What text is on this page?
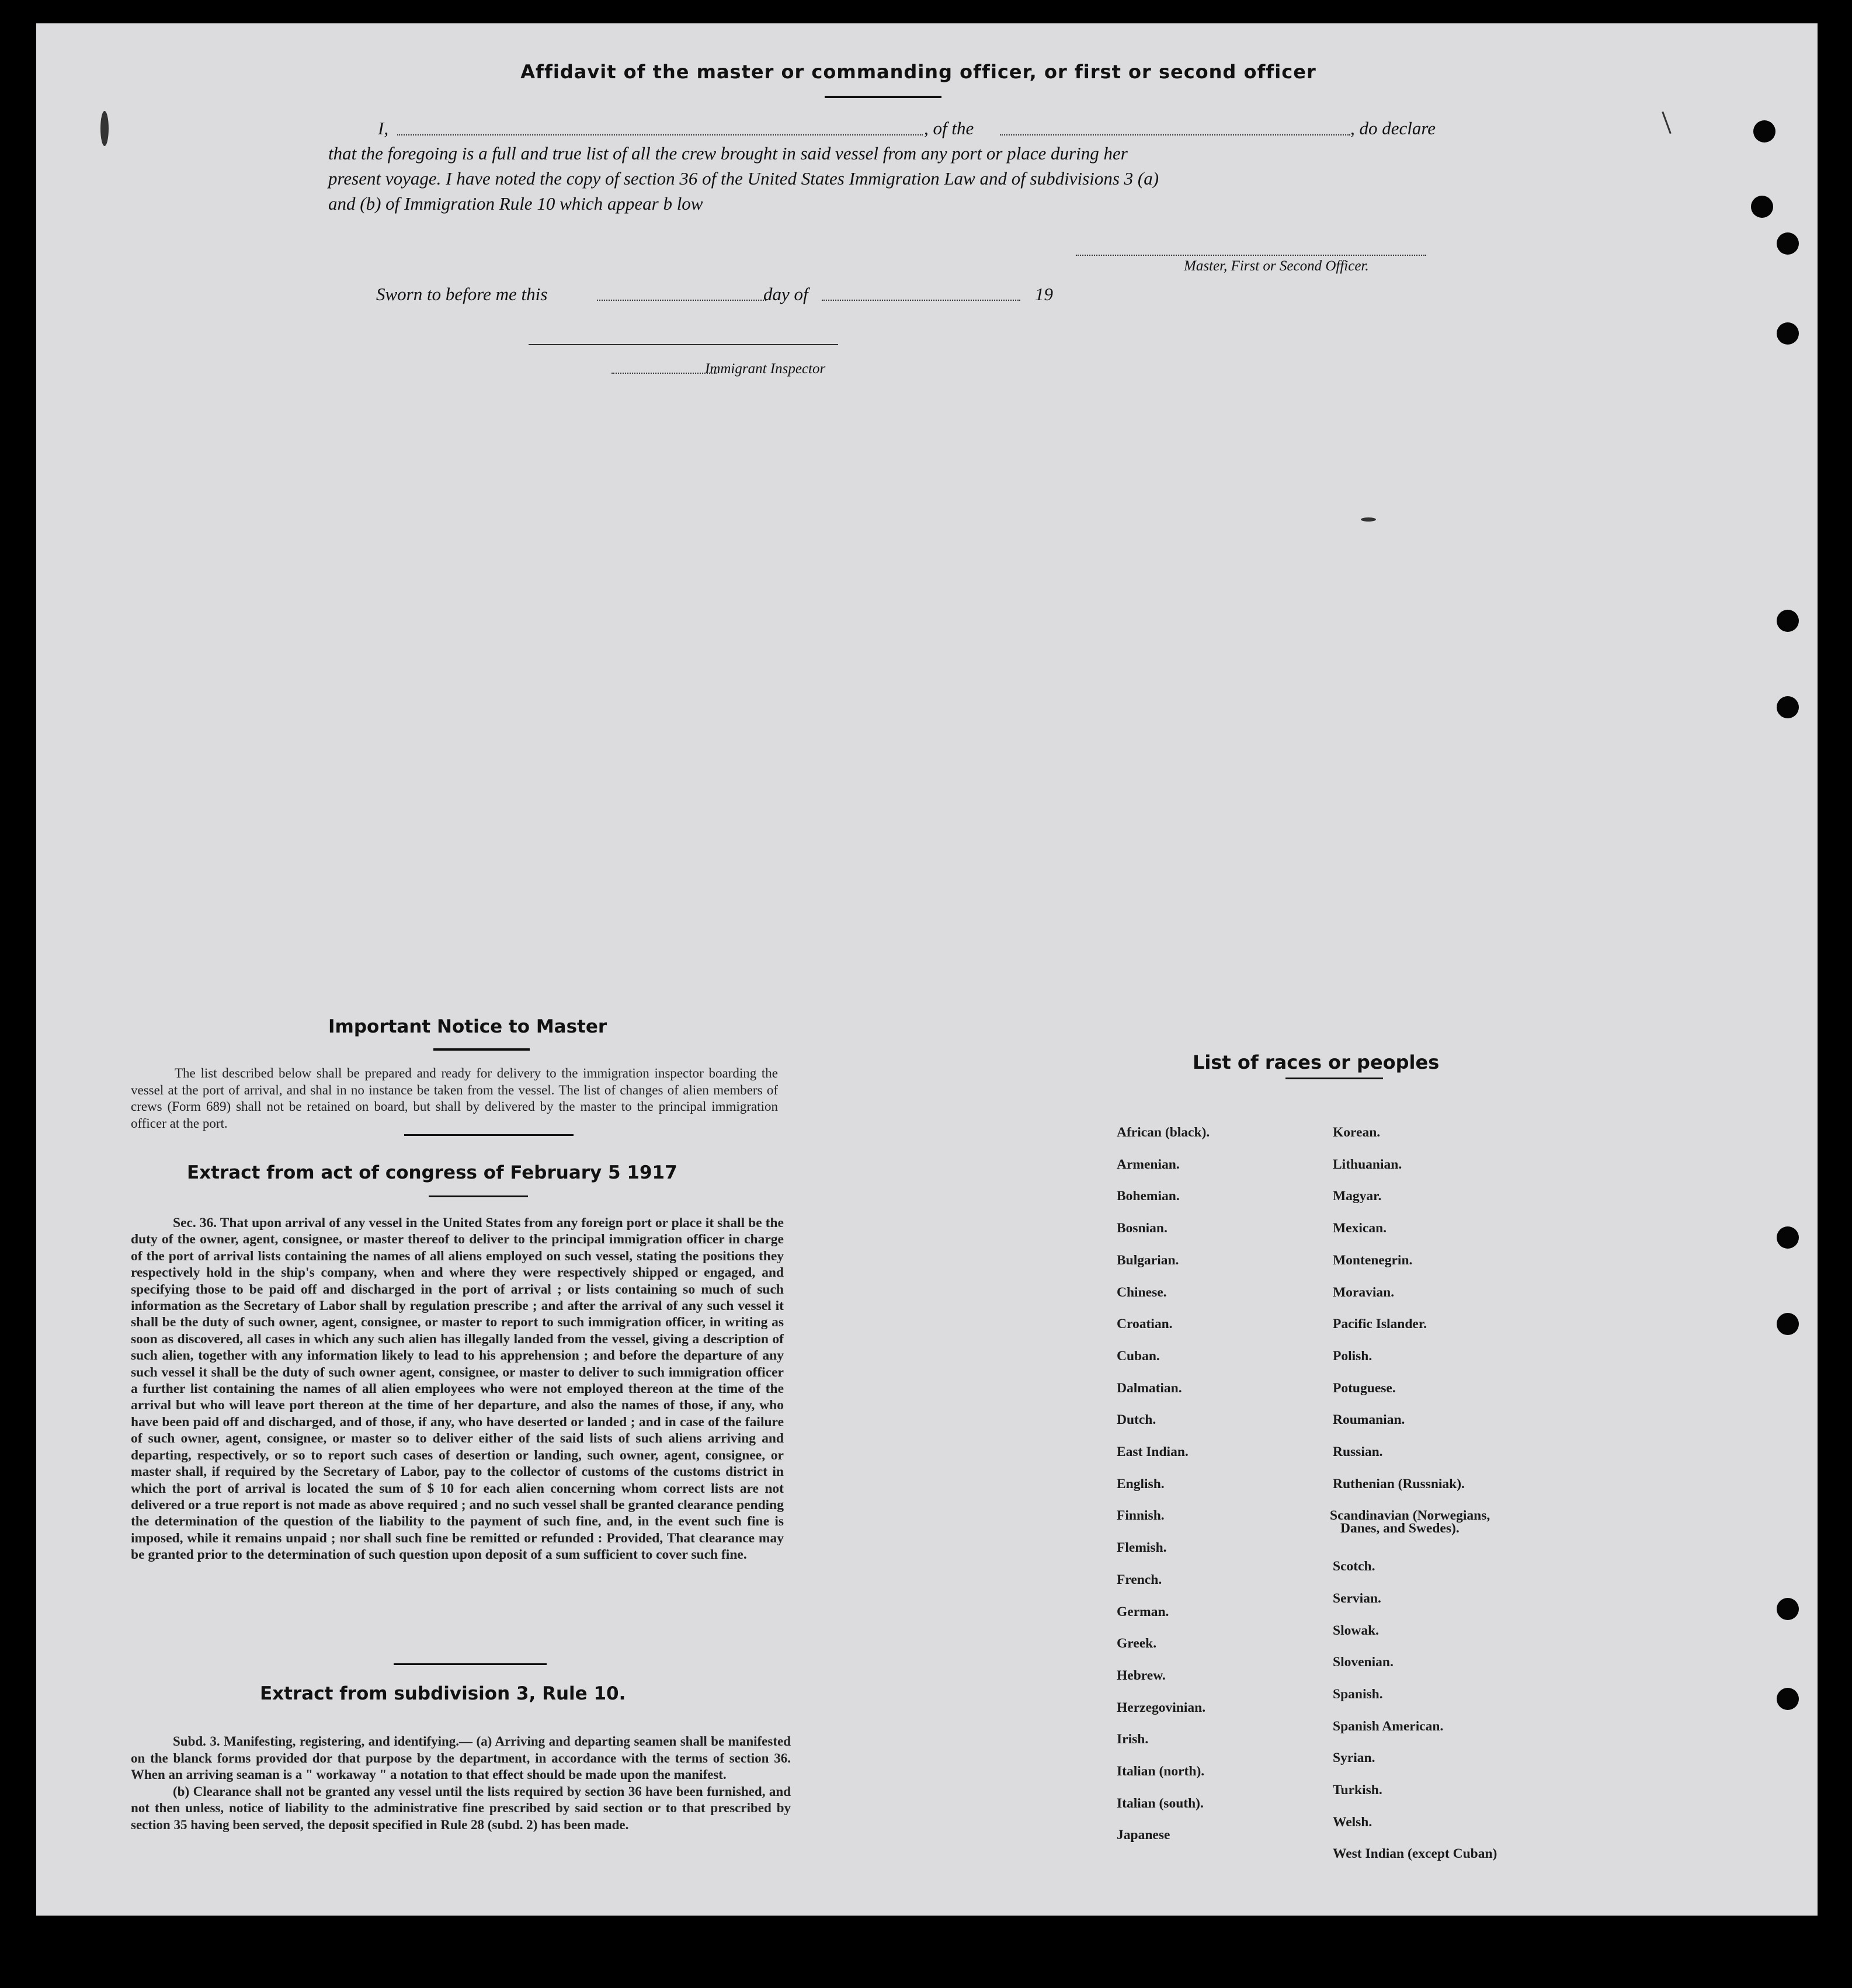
Affidavit of the master or commanding officer, or first or second officer
I,	, of the	, do declare
that the foregoing is a full and true list of all the crew brought in said vessel from any port or place during her
present voyage. I have noted the copy of section 36 of the United States Immigration Law and of subdivisions 3 (a)
and (b) of Immigration Rule 10 which appear b low
Master, First or Second Officer.
Sworn to before me this	day of	19
Immigrant Inspector
Important Notice to Master
The list described below shall be prepared and ready for delivery to the immigration inspector boarding the vessel at the port of arrival, and shal in no instance be taken from the vessel. The list of changes of alien members of crews (Form 689) shall not be retained on board, but shall by delivered by the master to the principal immigration officer at the port.
Extract from act of congress of February 5 1917
Sec. 36. That upon arrival of any vessel in the United States from any foreign port or place it shall be the duty of the owner, agent, consignee, or master thereof to deliver to the principal immigration officer in charge of the port of arrival lists containing the names of all aliens employed on such vessel, stating the positions they respectively hold in the ship's company, when and where they were respectively shipped or engaged, and specifying those to be paid off and discharged in the port of arrival ; or lists containing so much of such information as the Secretary of Labor shall by regulation prescribe ; and after the arrival of any such vessel it shall be the duty of such owner, agent, consignee, or master to report to such immigration officer, in writing as soon as discovered, all cases in which any such alien has illegally landed from the vessel, giving a description of such alien, together with any information likely to lead to his apprehension ; and before the departure of any such vessel it shall be the duty of such owner agent, consignee, or master to deliver to such immigration officer a further list containing the names of all alien employees who were not employed thereon at the time of the arrival but who will leave port thereon at the time of her departure, and also the names of those, if any, who have been paid off and discharged, and of those, if any, who have deserted or landed ; and in case of the failure of such owner, agent, consignee, or master so to deliver either of the said lists of such aliens arriving and departing, respectively, or so to report such cases of desertion or landing, such owner, agent, consignee, or master shall, if required by the Secretary of Labor, pay to the collector of customs of the customs district in which the port of arrival is located the sum of $ 10 for each alien concerning whom correct lists are not delivered or a true report is not made as above required ; and no such vessel shall be granted clearance pending the determination of the question of the liability to the payment of such fine, and, in the event such fine is imposed, while it remains unpaid ; nor shall such fine be remitted or refunded : Provided, That clearance may be granted prior to the determination of such question upon deposit of a sum sufficient to cover such fine.
Extract from subdivision 3, Rule 10.
Subd. 3. Manifesting, registering, and identifying.— (a) Arriving and departing seamen shall be manifested on the blanck forms provided dor that purpose by the department, in accordance with the terms of section 36. When an arriving seaman is a " workaway " a notation to that effect should be made upon the manifest.
(b) Clearance shall not be granted any vessel until the lists required by section 36 have been furnished, and not then unless, notice of liability to the administrative fine prescribed by said section or to that prescribed by section 35 having been served, the deposit specified in Rule 28 (subd. 2) has been made.
List of races or peoples
African (black).
Armenian.
Bohemian.
Bosnian.
Bulgarian.
Chinese.
Croatian.
Cuban.
Dalmatian.
Dutch.
East Indian.
English.
Finnish.
Flemish.
French.
German.
Greek.
Hebrew.
Herzegovinian.
Irish.
Italian (north).
Italian (south).
Japanese
Korean.
Lithuanian.
Magyar.
Mexican.
Montenegrin.
Moravian.
Pacific Islander.
Polish.
Potuguese.
Roumanian.
Russian.
Ruthenian (Russniak).
Scandinavian (Norwegians,
Danes, and Swedes).
Scotch.
Servian.
Slowak.
Slovenian.
Spanish.
Spanish American.
Syrian.
Turkish.
Welsh.
West Indian (except Cuban)
